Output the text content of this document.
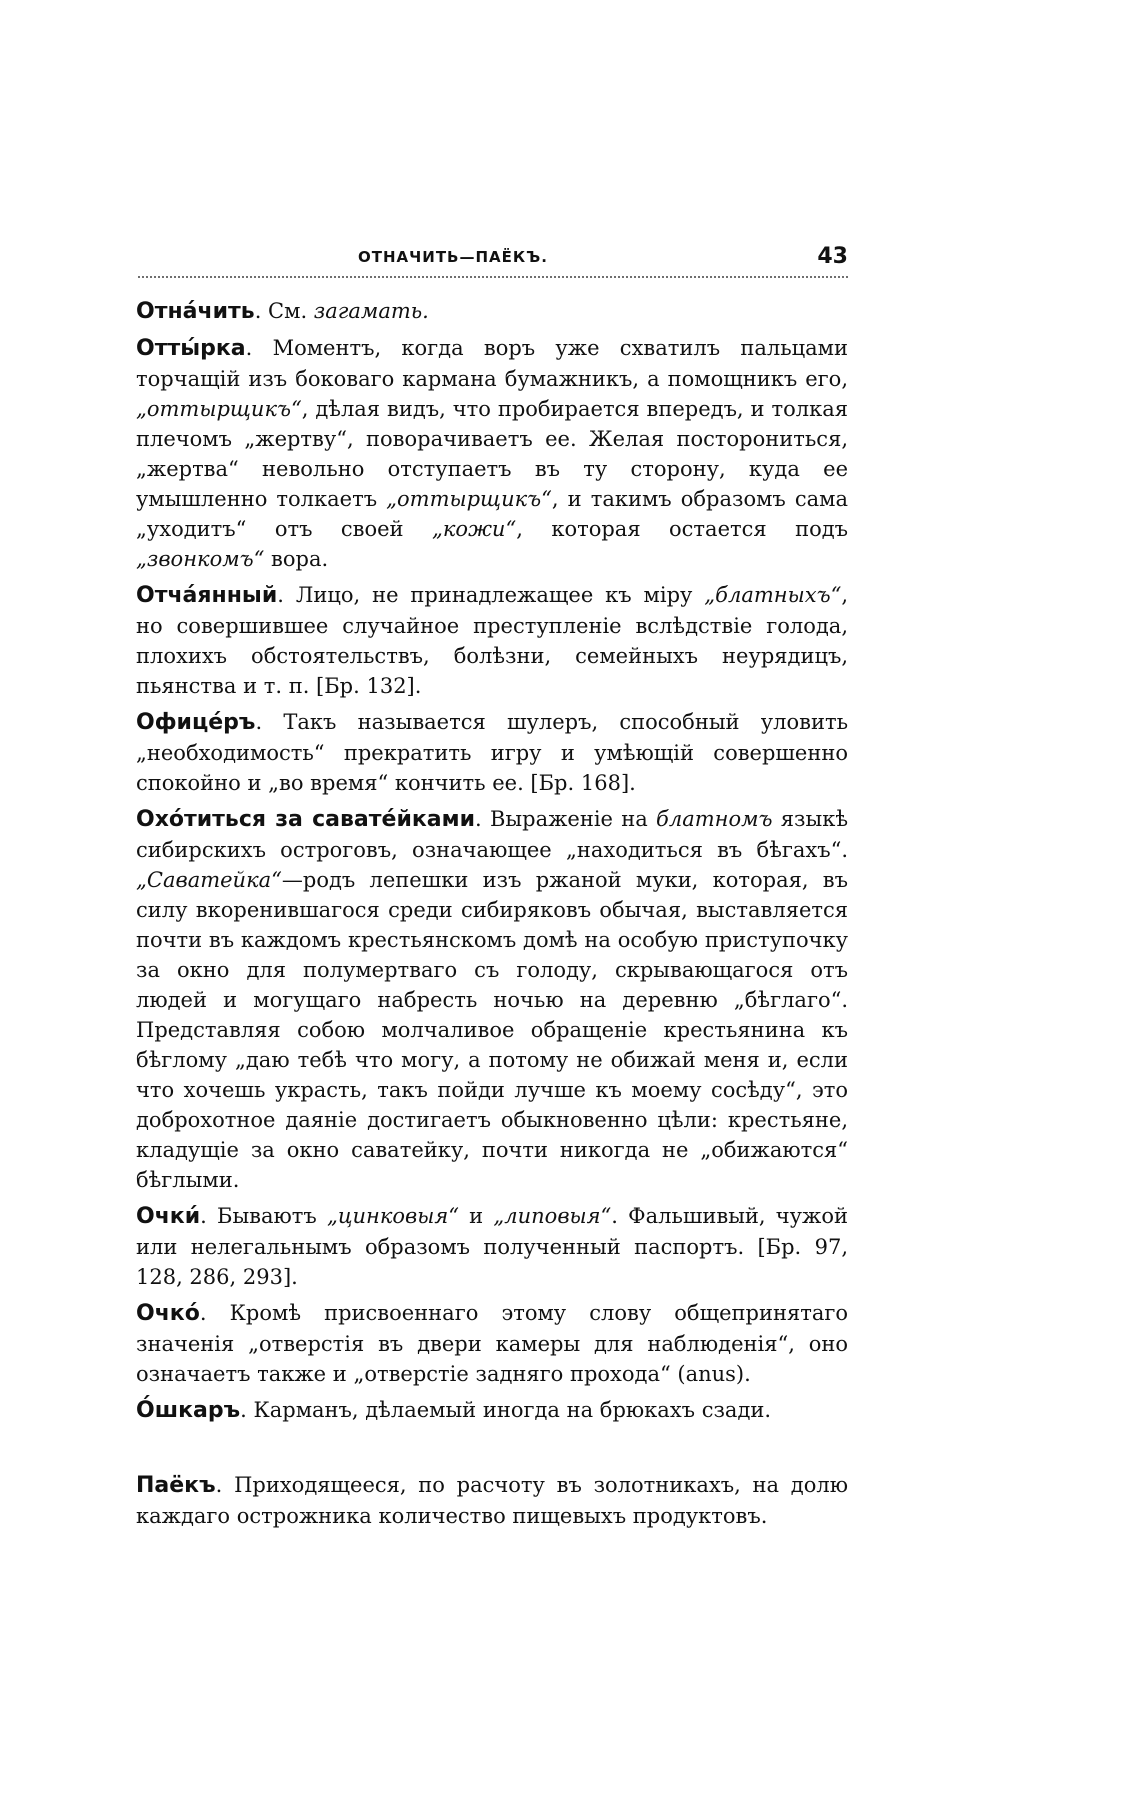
ОТНАЧИТЬ—ПАЁКЪ.	43

Отна́чить. См. загамать.

Отты́рка. Моментъ, когда воръ уже схватилъ пальцами торчащій изъ боковаго кармана бумажникъ, а помощникъ его, „оттырщикъ“, дѣлая видъ, что пробирается впередъ, и толкая плечомъ „жертву“, поворачиваетъ ее. Желая посторониться, „жертва“ невольно отступаетъ въ ту сторону, куда ее умышленно толкаетъ „оттырщикъ“, и такимъ образомъ сама „уходитъ“ отъ своей „кожи“, которая остается подъ „звонкомъ“ вора.

Отча́янный. Лицо, не принадлежащее къ міру „блатныхъ“, но совершившее случайное преступленіе вслѣдствіе голода, плохихъ обстоятельствъ, болѣзни, семейныхъ неурядицъ, пьянства и т. п. [Бр. 132].

Офице́ръ. Такъ называется шулеръ, способный уловить „необходимость“ прекратить игру и умѣющій совершенно спокойно и „во время“ кончить ее. [Бр. 168].

Охо́титься за савате́йками. Выраженіе на блатномъ языкѣ сибирскихъ остроговъ, означающее „находиться въ бѣгахъ“. „Саватейка“—родъ лепешки изъ ржаной муки, которая, въ силу вкоренившагося среди сибиряковъ обычая, выставляется почти въ каждомъ крестьянскомъ домѣ на особую приступочку за окно для полумертваго съ голоду, скрывающагося отъ людей и могущаго набресть ночью на деревню „бѣглаго“. Представляя собою молчаливое обращеніе крестьянина къ бѣглому „даю тебѣ что могу, а потому не обижай меня и, если что хочешь украсть, такъ пойди лучше къ моему сосѣду“, это доброхотное даяніе достигаетъ обыкновенно цѣли: крестьяне, кладущіе за окно саватейку, почти никогда не „обижаются“ бѣглыми.

Очки́. Бываютъ „цинковыя“ и „липовыя“. Фальшивый, чужой или нелегальнымъ образомъ полученный паспортъ. [Бр. 97, 128, 286, 293].

Очко́. Кромѣ присвоеннаго этому слову общепринятаго значенія „отверстія въ двери камеры для наблюденія“, оно означаетъ также и „отверстіе задняго прохода“ (anus).

О́шкаръ. Карманъ, дѣлаемый иногда на брюкахъ сзади.

Паёкъ. Приходящееся, по расчоту въ золотникахъ, на долю каждаго острожника количество пищевыхъ продуктовъ.
